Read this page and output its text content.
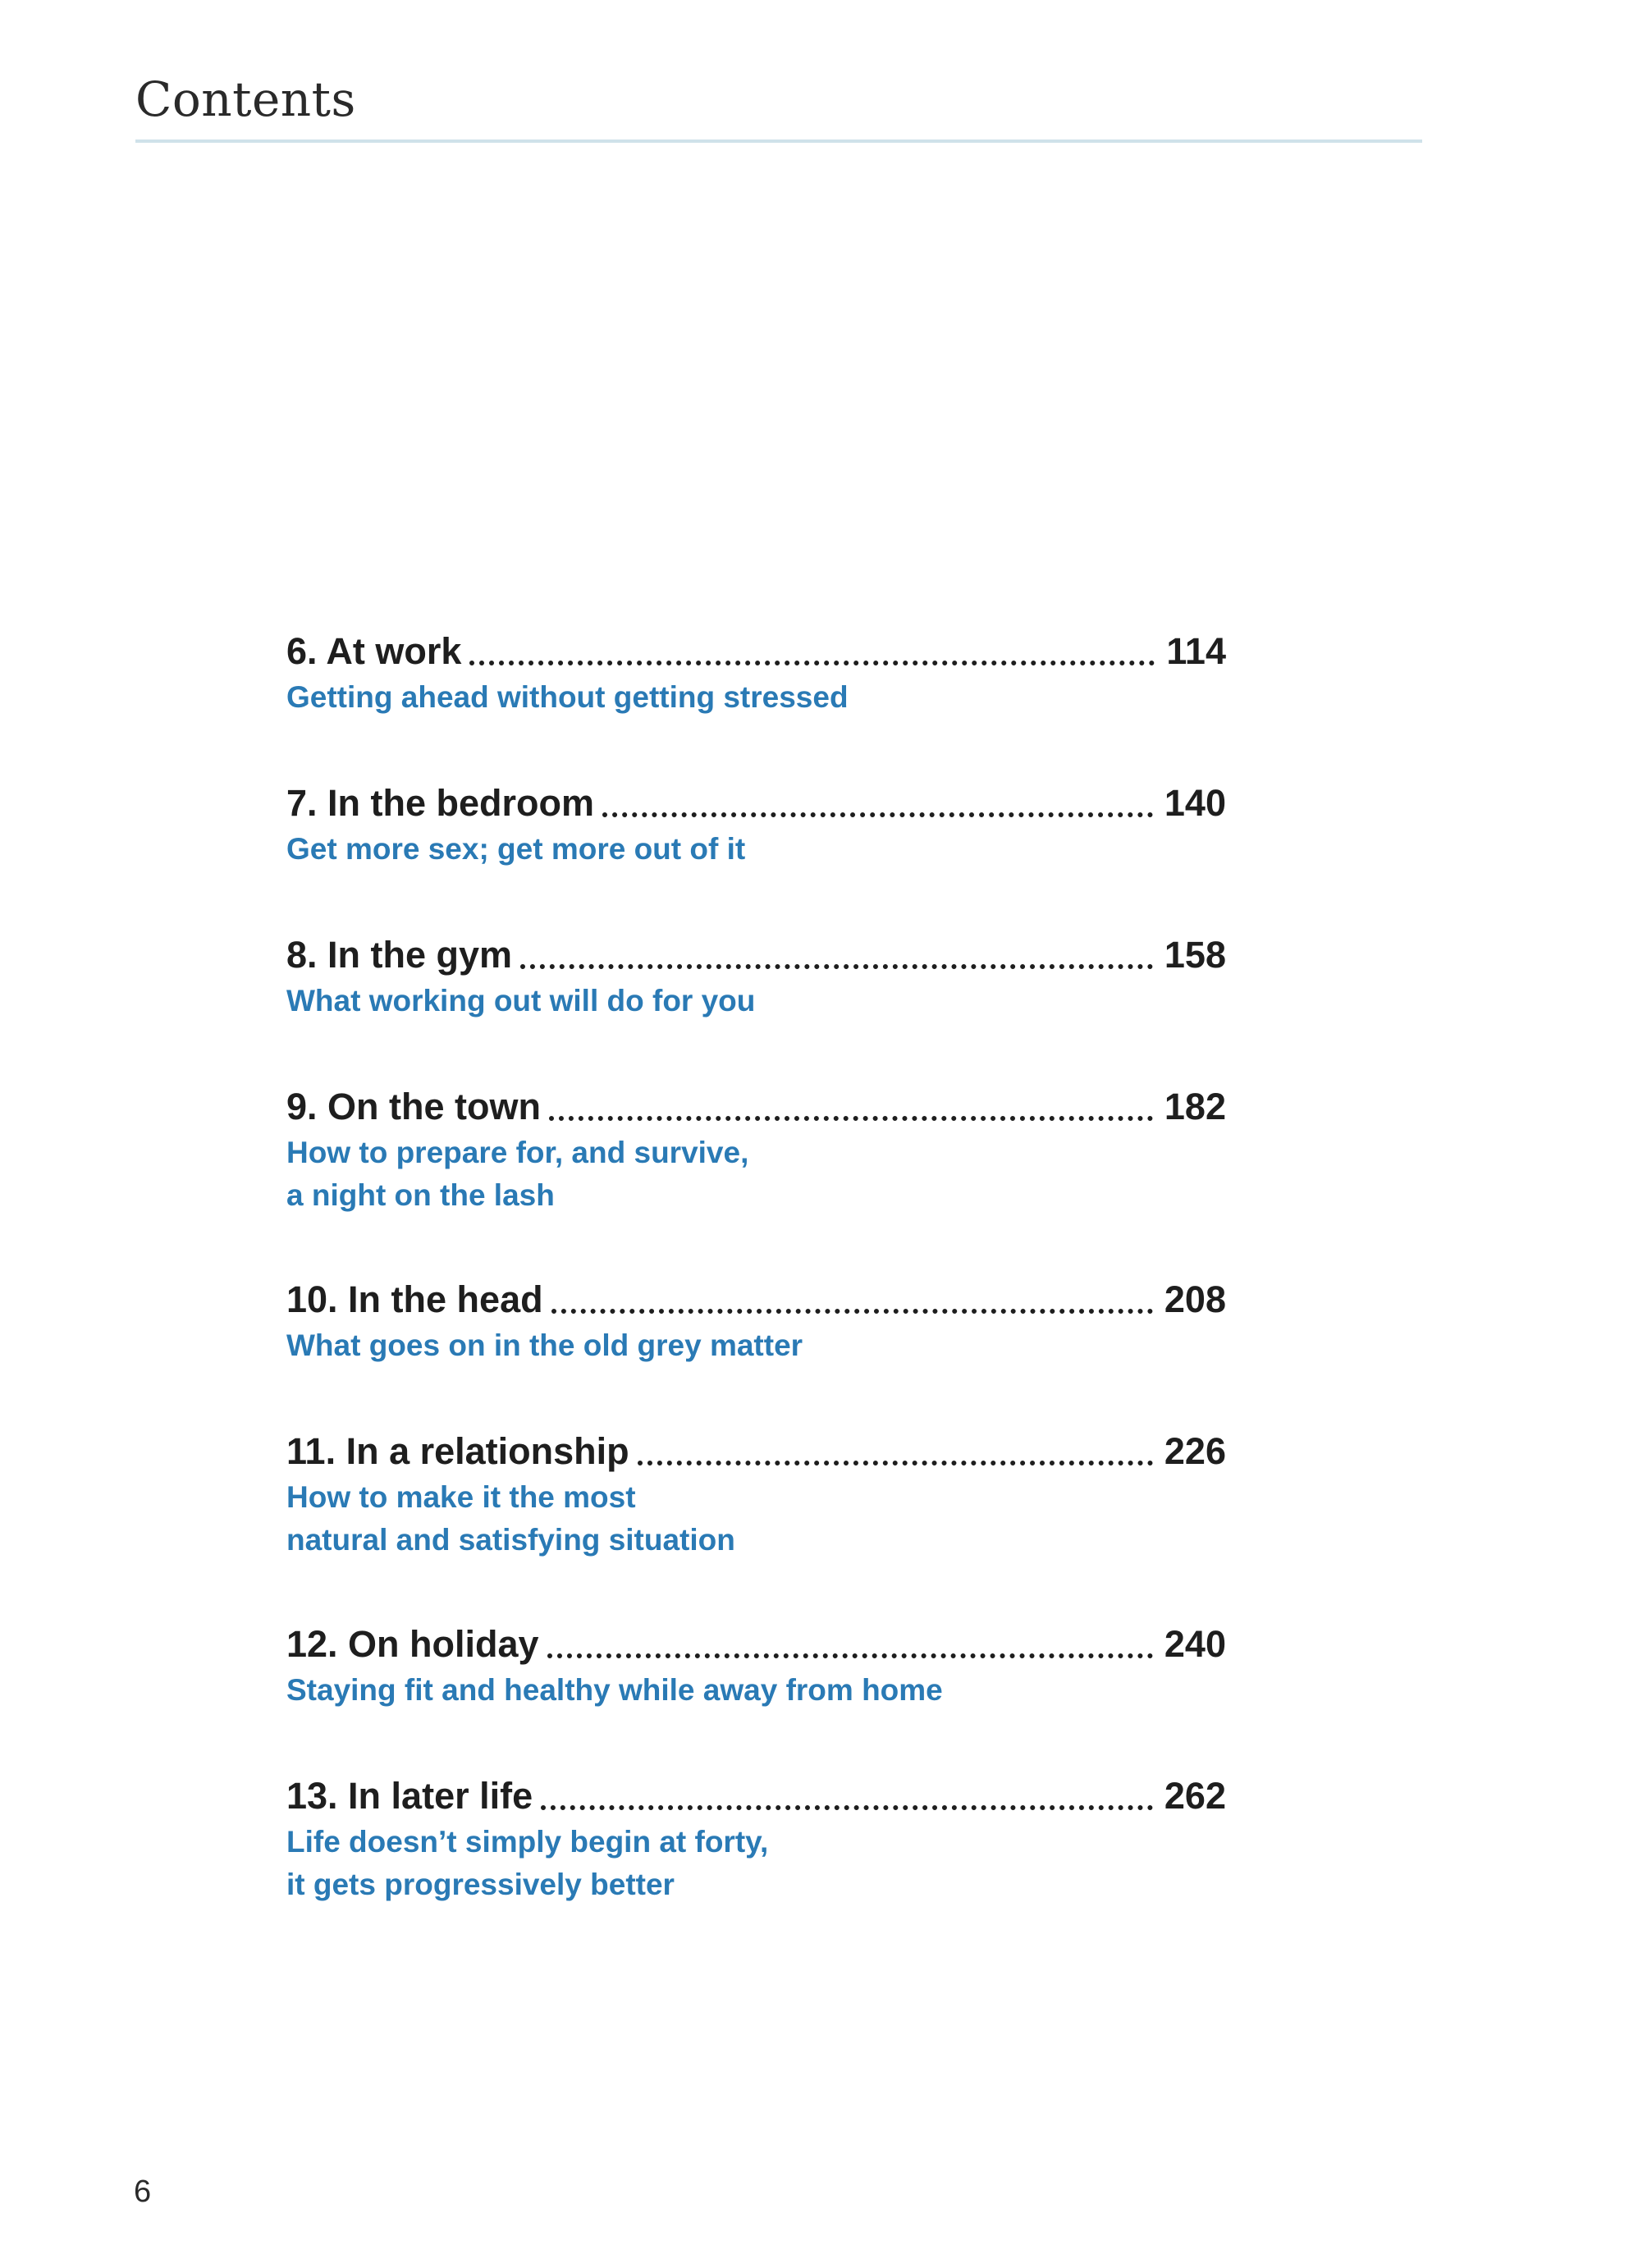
Contents
6. At work	114
Getting ahead without getting stressed
7. In the bedroom	140
Get more sex; get more out of it
8. In the gym	158
What working out will do for you
9. On the town	182
How to prepare for, and survive,
a night on the lash
10. In the head	208
What goes on in the old grey matter
11. In a relationship	226
How to make it the most
natural and satisfying situation
12. On holiday	240
Staying fit and healthy while away from home
13. In later life	262
Life doesn’t simply begin at forty,
it gets progressively better
6
